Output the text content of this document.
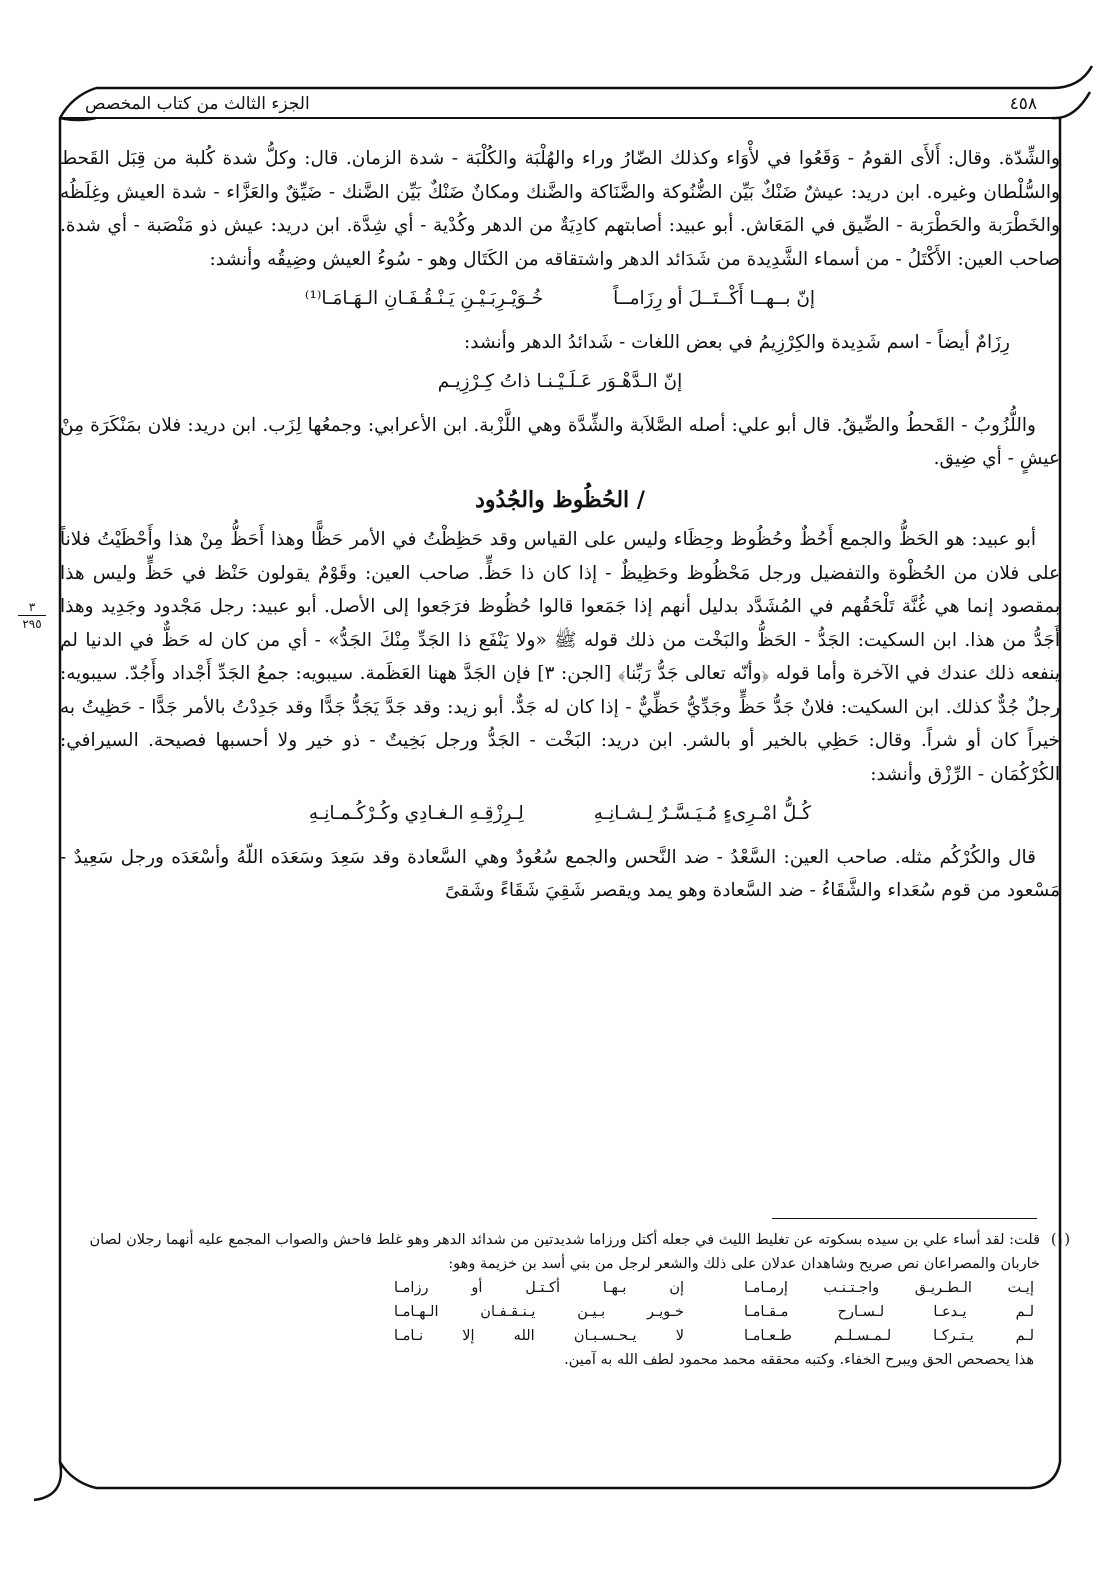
الجزء الثالث من كتاب المخصص	٤٥٨
٣
٢٩٥

والشِّدّة. وقال: أَلأَى القومُ - وَقَعُوا في لأْوَاء وكذلك الضّارُ وراء والهُلْبَة والكُلْبَة - شدة الزمان. قال: وكلُّ شدة كُلبة من قِبَل القَحط والسُّلْطان وغيره. ابن دريد: عيشٌ ضَنْكٌ بَيِّن الضُّنُوكة والضَّنَاكة والضَّنك ومكانٌ ضَنْكٌ بَيِّن الضَّنك - ضَيِّقٌ والعَزَّاء - شدة العيش وغِلَظُه والخَطْرَبة والحَطْرَبة - الضِّيق في المَعَاش. أبو عبيد: أصابتهم كادِيَةٌ من الدهر وكُدْية - أي شِدَّة. ابن دريد: عيش ذو مَنْصَبة - أي شدة. صاحب العين: الأَكْتَلُ - من أسماء الشَّدِيدة من شَدَائد الدهر واشتقاقه من الكَتَال وهو - سُوءُ العيش وضِيقُه وأنشد:

إنّ بــهــا أَكْــتَــلَ أو رِزَامــاً
خُـوَيْـرِبَـيْـنِ يَـنْـقُـفَـانِ الـهَـامَـا⁽¹⁾

رِزَامٌ أيضاً - اسم شَدِيدة والكِرْزِيمُ في بعض اللغات - شَدائدُ الدهر وأنشد:

إنّ الـدَّهْـوَر عَـلَـيْـنـا ذاتُ كِـرْزِيـم

واللُّزُوبُ - القَحطُ والضِّيقُ. قال أبو علي: أصله الصَّلاَبة والشِّدَّة وهي اللَّزْبة. ابن الأعرابي: وجمعُها لِزَب. ابن دريد: فلان بمَنْكَرَة مِنْ عيشٍ - أي ضِيق.

/ الحُظُوظ والجُدُود

أبو عبيد: هو الحَظُّ والجمع أَحُظٌ وحُظُوظ وحِظَاء وليس على القياس وقد حَظِظْتُ في الأمر حَظًّا وهذا أَحَظُّ مِنْ هذا وأَحْظَيْتُ فلاناً على فلان من الحُظْوة والتفضيل ورجل مَحْظُوظ وحَظِيظٌ - إذا كان ذا حَظٍّ. صاحب العين: وقَوْمٌ يقولون حَنْظ في حَظٍّ وليس هذا بمقصود إنما هي غُنَّة تَلْحَقُهم في المُشَدَّد بدليل أنهم إذا جَمَعوا قالوا حُظُوظ فرَجَعوا إلى الأصل. أبو عبيد: رجل مَجْدود وجَدِيد وهذا أَجَدُّ من هذا. ابن السكيت: الجَدُّ - الحَظُّ والبَخْت من ذلك قوله ﷺ «ولا يَنْفَع ذا الجَدِّ مِنْكَ الجَدُّ» - أي من كان له حَظٌّ في الدنيا لم ينفعه ذلك عندك في الآخرة وأما قوله ﴿وأنّه تعالى جَدُّ رَبِّنا﴾ [الجن: ٣] فإن الجَدَّ ههنا العَظَمة. سيبويه: جمعُ الجَدِّ أَجْداد وأَجُدّ. سيبويه: رجلٌ جُدٌّ كذلك. ابن السكيت: فلانٌ جَدُّ حَظٍّ وجَدِّيُّ حَظِّيٌّ - إذا كان له جَدٌّ. أبو زيد: وقد جَدَّ يَجَدُّ جَدًّا وقد جَدِدْتُ بالأمر جَدًّا - حَظِيتُ به خيراً كان أو شراً. وقال: حَظِي بالخير أو بالشر. ابن دريد: البَخْت - الجَدُّ ورجل بَخِيتٌ - ذو خير ولا أحسبها فصيحة. السيرافي: الكُرْكُمَان - الرِّزْق وأنشد:

كُـلُّ امْـرِىءٍ مُـيَـسَّـرٌ لِـشـانِـهِ
لِـرِزْقِـهِ الـغـادِي وكُـرْكُـمـانِـهِ

قال والكُرْكُم مثله. صاحب العين: السَّعْدُ - ضد النَّحس والجمع سُعُودٌ وهي السَّعادة وقد سَعِدَ وسَعَدَه اللّهُ وأسْعَدَه ورجل سَعِيدٌ - مَسْعود من قوم سُعَداء والشَّقَاءُ - ضد السَّعادة وهو يمد ويقصر شَقِيَ شَقَاءً وشَقىً

(١)
قلت: لقد أساء علي بن سيده بسكوته عن تغليط الليث في جعله أكتل ورزاما شديدتين من شدائد الدهر وهو غلط فاحش والصواب المجمع عليه أنهما رجلان لصان خاربان والمصراعان نص صريح وشاهدان عدلان على ذلك والشعر لرجل من بني أسد بن خزيمة وهو:
إيـت الـطـريـق واجـتـنـب إرمـامـا
إن بـهـا أكـتـل أو رزامـا
لـم يـدعـا لـسـارح مـقـامـا
خـويـر بـيـن يـنـقـفـان الـهـامـا
لـم يـتـركـا لـمـسـلـم طـعـامـا
لا يـحـسـبـان الله إلا نـامـا
هذا يحصحص الحق ويبرح الخفاء. وكتبه محققه محمد محمود لطف الله به آمين.
